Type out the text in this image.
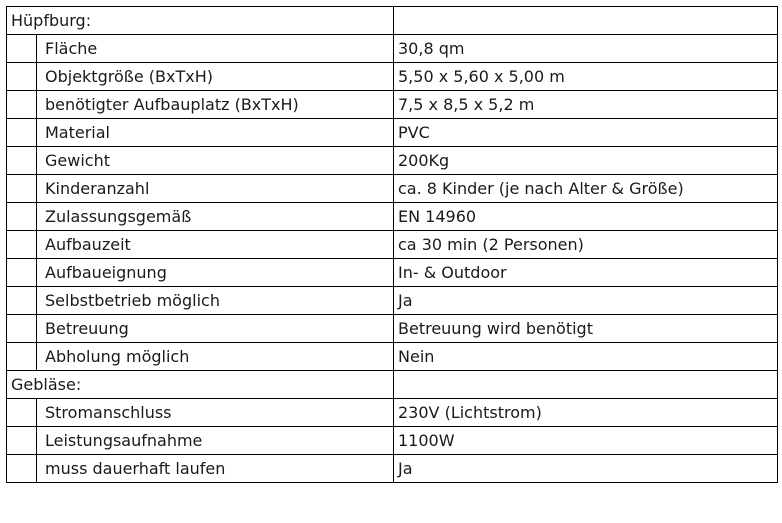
Hüpfburg:
Fläche	30,8 qm
Objektgröße (BxTxH)	5,50 x 5,60 x 5,00 m
benötigter Aufbauplatz (BxTxH)	7,5 x 8,5 x 5,2 m
Material	PVC
Gewicht	200Kg
Kinderanzahl	ca. 8 Kinder (je nach Alter & Größe)
Zulassungsgemäß	EN 14960
Aufbauzeit	ca 30 min (2 Personen)
Aufbaueignung	In- & Outdoor
Selbstbetrieb möglich	Ja
Betreuung	Betreuung wird benötigt
Abholung möglich	Nein
Gebläse:
Stromanschluss	230V (Lichtstrom)
Leistungsaufnahme	1100W
muss dauerhaft laufen	Ja
